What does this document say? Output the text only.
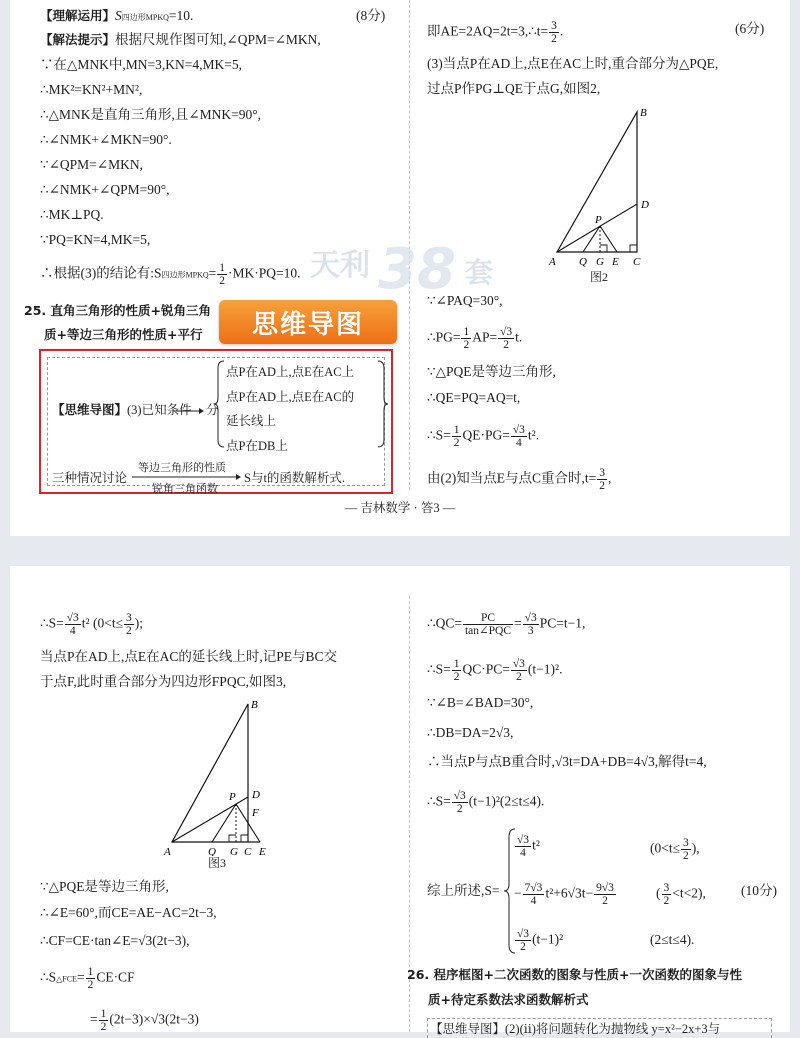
【理解运用】S四边形MPKQ=10.	(8分)
【解法提示】根据尺规作图可知,∠QPM=∠MKN,
∵在△MNK中,MN=3,KN=4,MK=5,
∴MK²=KN²+MN²,
∴△MNK是直角三角形,且∠MNK=90°,
∴∠NMK+∠MKN=90°.
∵∠QPM=∠MKN,
∴∠NMK+∠QPM=90°,
∴MK⊥PQ.
∵PQ=KN=4,MK=5,
∴根据(3)的结论有:S四边形MPKQ= $\frac{1}{2} \cdot MK\cdot PQ=10$.
25. 直角三角形的性质+锐角三角
质+等边三角形的性质+平行	思维导图
【思维导图】(3)已知条件 分
点P在AD上,点E在AC上
点P在AD上,点E在AC的
延长线上
点P在DB上
三种情况讨论
等边三角形的性质
锐角三角函数
S与t的函数解析式.
天利 38 套
即AE=2AQ=2t=3,∴t= $\frac{3}{2}$ .	(6分)
(3)当点P在AD上,点E在AC上时,重合部分为△PQE,
过点P作PG⊥QE于点G,如图2,
B
D
P
A Q G E C
图2
∵∠PAQ=30°,
∴PG= $\frac{1}{2} AP= \frac{√3}{2} t$.
∵△PQE是等边三角形,
∴QE=PQ=AQ=t,
∴S= $\frac{1}{2} QE\cdot PG= \frac{√3}{4} t^2$.
由(2)知当点E与点C重合时$,t= \frac{3}{2}$ ,
— 吉林数学 · 答3 —
∴S= $\frac{√3}{4} t^2$ ($0<t\le \frac{3}{2}$ );
当点P在AD上,点E在AC的延长线上时,记PE与BC交
于点F,此时重合部分为四边形FPQC,如图3,
B
P D
F
A	Q G C E
图3
∵△PQE是等边三角形,
∴∠E=60°,而CE=AE−AC=2t−3,
∴CF=CE·tan∠E=√3(2t−3),
∴S△FCE= $\frac{1}{2} CE\cdot CF$
= $\frac{1}{2} (2t-3)\times√3(2t-3)$
∴QC= $\frac{PC}{\text{tan∠PQC}} = \frac{√3}{3} PC=t-1$,
∴S= $\frac{1}{2} QC\cdot PC= \frac{√3}{2} (t-1)^2$.
∵∠B=∠BAD=30°,
∴DB=DA=2√3,
∴当点P与点B重合时,√3t=DA+DB=4√3,解得t=4,
∴S= $\frac{√3}{2} (t-1)^2(2\le t\le 4)$.
综上所述,S=
$\frac{√3}{4} t^2$	($0<t\le \frac{3}{2}$ ),
− $\frac{7√3}{4} t^2+6√3t- \frac{9√3}{2}$	( $\frac{3}{2} <t<2$),	(10分)
$\frac{√3}{2} (t-1)^2$	(2≤t≤4).
26. 程序框图+二次函数的图象与性质+一次函数的图象与性
质+待定系数法求函数解析式
【思维导图】(2)(ⅱ)将问题转化为抛物线 y=x²−2x+3与
